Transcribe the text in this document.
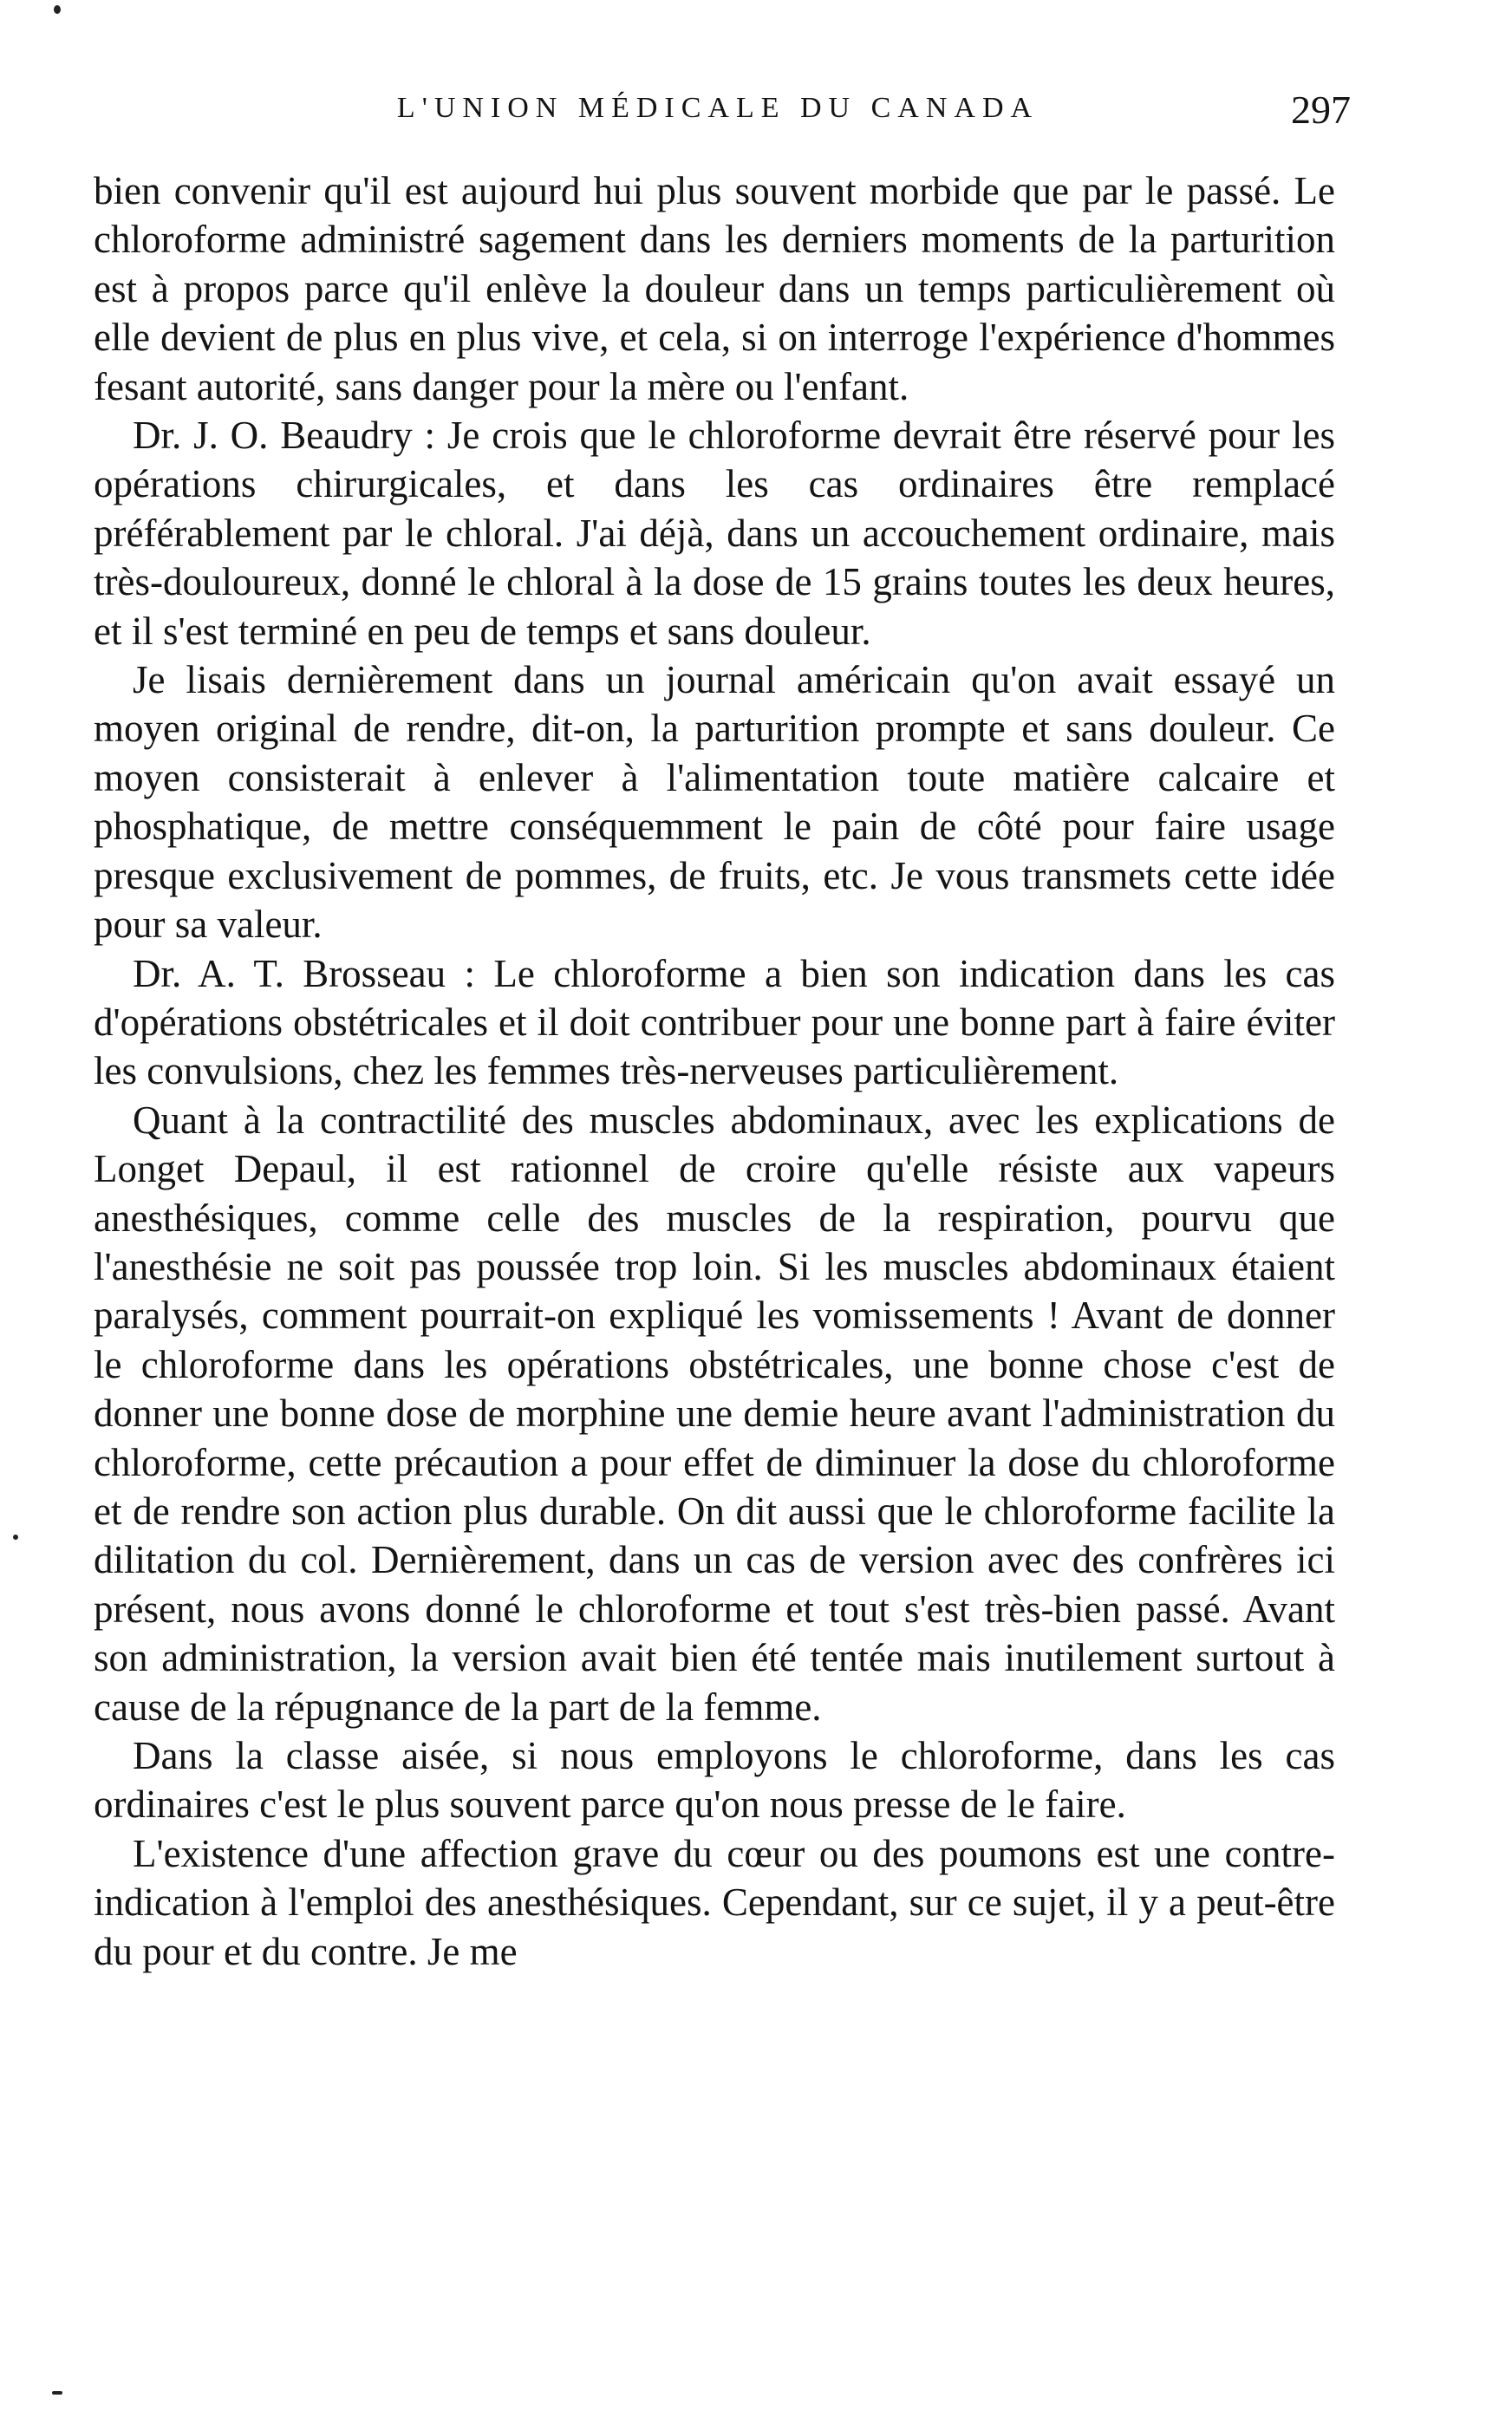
L'UNION MÉDICALE DU CANADA	297

bien convenir qu'il est aujourd hui plus souvent morbide que par le passé. Le chloroforme administré sagement dans les derniers moments de la parturition est à propos parce qu'il enlève la douleur dans un temps particulièrement où elle devient de plus en plus vive, et cela, si on interroge l'expérience d'hommes fesant autorité, sans danger pour la mère ou l'enfant.

Dr. J. O. Beaudry : Je crois que le chloroforme devrait être réservé pour les opérations chirurgicales, et dans les cas ordinaires être remplacé préférablement par le chloral. J'ai déjà, dans un accouchement ordinaire, mais très-douloureux, donné le chloral à la dose de 15 grains toutes les deux heures, et il s'est terminé en peu de temps et sans douleur.

Je lisais dernièrement dans un journal américain qu'on avait essayé un moyen original de rendre, dit-on, la parturition prompte et sans douleur. Ce moyen consisterait à enlever à l'alimentation toute matière calcaire et phosphatique, de mettre conséquemment le pain de côté pour faire usage presque exclusivement de pommes, de fruits, etc. Je vous transmets cette idée pour sa valeur.

Dr. A. T. Brosseau : Le chloroforme a bien son indication dans les cas d'opérations obstétricales et il doit contribuer pour une bonne part à faire éviter les convulsions, chez les femmes très-nerveuses particulièrement.

Quant à la contractilité des muscles abdominaux, avec les explications de Longet Depaul, il est rationnel de croire qu'elle résiste aux vapeurs anesthésiques, comme celle des muscles de la respiration, pourvu que l'anesthésie ne soit pas poussée trop loin. Si les muscles abdominaux étaient paralysés, comment pourrait-on expliqué les vomissements ! Avant de donner le chloroforme dans les opérations obstétricales, une bonne chose c'est de donner une bonne dose de morphine une demie heure avant l'administration du chloroforme, cette précaution a pour effet de diminuer la dose du chloroforme et de rendre son action plus durable. On dit aussi que le chloroforme facilite la dilitation du col. Dernièrement, dans un cas de version avec des confrères ici présent, nous avons donné le chloroforme et tout s'est très-bien passé. Avant son administration, la version avait bien été tentée mais inutilement surtout à cause de la répugnance de la part de la femme.

Dans la classe aisée, si nous employons le chloroforme, dans les cas ordinaires c'est le plus souvent parce qu'on nous presse de le faire.

L'existence d'une affection grave du cœur ou des poumons est une contre-indication à l'emploi des anesthésiques. Cependant, sur ce sujet, il y a peut-être du pour et du contre. Je me
